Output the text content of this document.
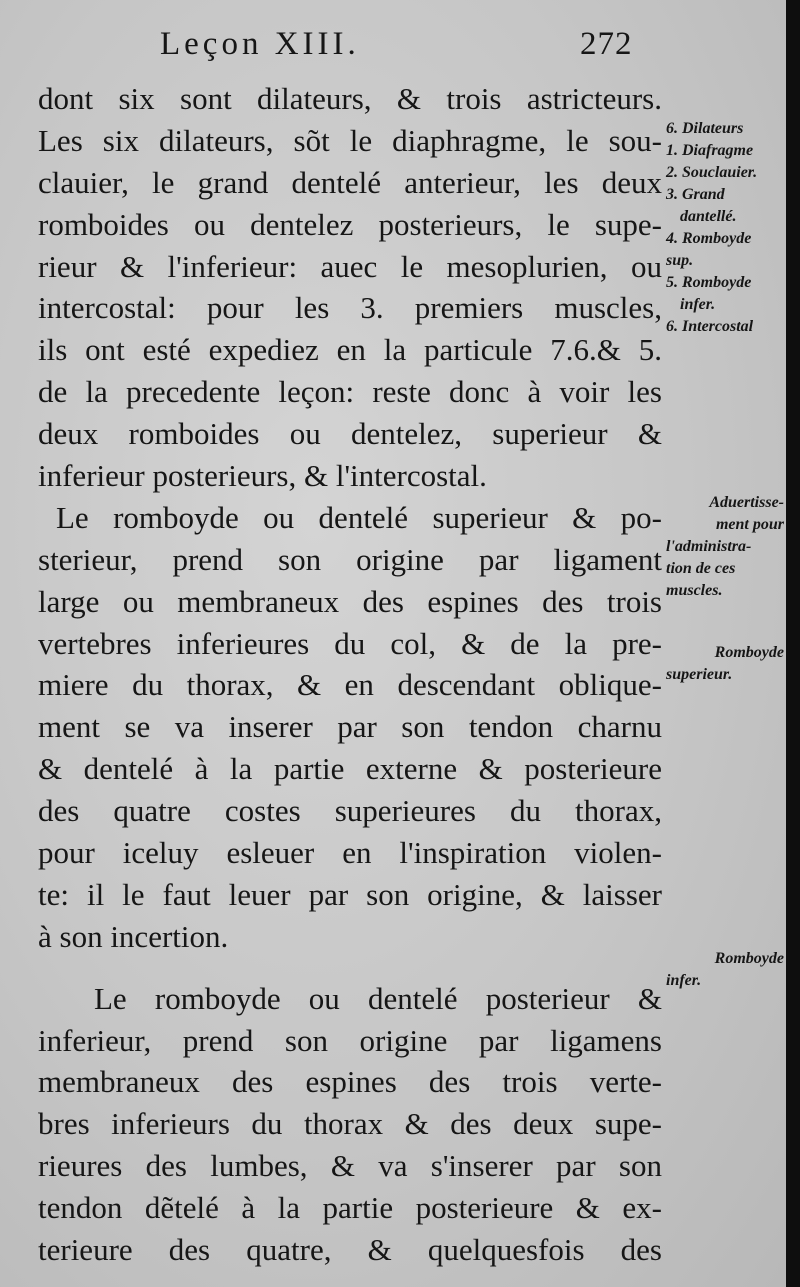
Leçon XIII.	272
dont six sont dilateurs, & trois astricteurs.
Les six dilateurs, sõt le diaphragme, le sou-
clauier, le grand dentelé anterieur, les deux
romboides ou dentelez posterieurs, le supe-
rieur & l'inferieur: auec le mesoplurien, ou
intercostal: pour les 3. premiers muscles,
ils ont esté expediez en la particule 7.6.& 5.
de la precedente leçon: reste donc à voir les
deux romboides ou dentelez, superieur &
inferieur posterieurs, & l'intercostal.
Le romboyde ou dentelé superieur & po-
sterieur, prend son origine par ligament
large ou membraneux des espines des trois
vertebres inferieures du col, & de la pre-
miere du thorax, & en descendant oblique-
ment se va inserer par son tendon charnu
& dentelé à la partie externe & posterieure
des quatre costes superieures du thorax,
pour iceluy esleuer en l'inspiration violen-
te: il le faut leuer par son origine, & laisser
à son incertion.
Le romboyde ou dentelé posterieur &
inferieur, prend son origine par ligamens
membraneux des espines des trois verte-
bres inferieurs du thorax & des deux supe-
rieures des lumbes, & va s'inserer par son
tendon dẽtelé à la partie posterieure & ex-
terieure des quatre, & quelquesfois des
6. Dilateurs
1. Diafragme
2. Souclauier.
3. Grand
dantellé.
4. Romboyde
sup.
5. Romboyde
infer.
6. Intercostal
Aduertisse-
ment pour
l'administra-
tion de ces
muscles.
Romboyde
superieur.
Romboyde
infer.
